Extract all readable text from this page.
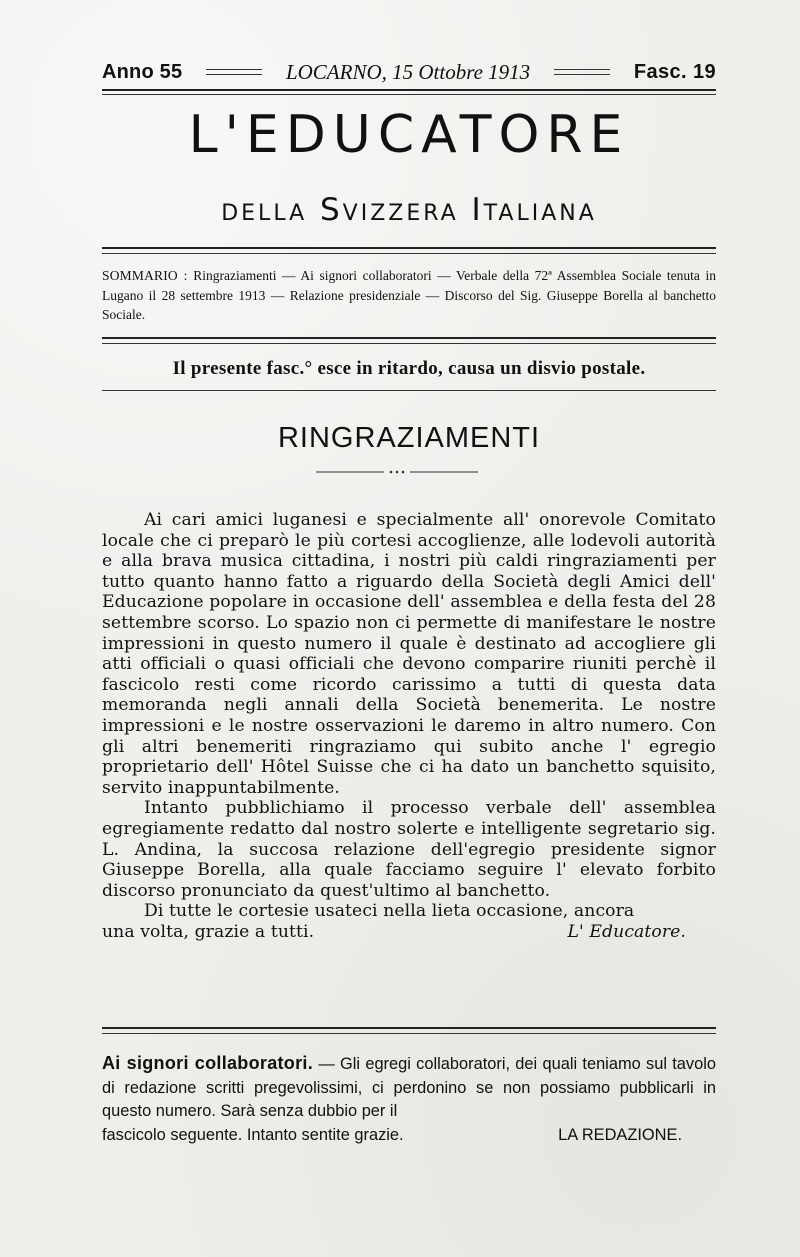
Anno 55	LOCARNO, 15 Ottobre 1913	Fasc. 19
L'EDUCATORE
della Svizzera Italiana
SOMMARIO : Ringraziamenti — Ai signori collaboratori — Verbale della 72ª Assemblea Sociale tenuta in Lugano il 28 settembre 1913 — Relazione presidenziale — Discorso del Sig. Giuseppe Borella al banchetto Sociale.
Il presente fasc.° esce in ritardo, causa un disvio postale.
RINGRAZIAMENTI

Ai cari amici luganesi e specialmente all' onorevole Comitato locale che ci preparò le più cortesi accoglienze, alle lodevoli autorità e alla brava musica cittadina, i nostri più caldi ringraziamenti per tutto quanto hanno fatto a riguardo della Società degli Amici dell' Educazione popolare in occasione dell' assemblea e della festa del 28 settembre scorso. Lo spazio non ci permette di manifestare le nostre impressioni in questo numero il quale è destinato ad accogliere gli atti officiali o quasi officiali che devono comparire riuniti perchè il fascicolo resti come ricordo carissimo a tutti di questa data memoranda negli annali della Società benemerita. Le nostre impressioni e le nostre osservazioni le daremo in altro numero. Con gli altri benemeriti ringraziamo qui subito anche l' egregio proprietario dell' Hôtel Suisse che ci ha dato un banchetto squisito, servito inappuntabilmente.

Intanto pubblichiamo il processo verbale dell' assemblea egregiamente redatto dal nostro solerte e intelligente segretario sig. L. Andina, la succosa relazione dell'egregio presidente signor Giuseppe Borella, alla quale facciamo seguire l' elevato forbito discorso pronunciato da quest'ultimo al banchetto.

Di tutte le cortesie usateci nella lieta occasione, ancora

una volta, grazie a tutti.	L' Educatore.
Ai signori collaboratori. — Gli egregi collaboratori, dei quali teniamo sul tavolo di redazione scritti pregevolissimi, ci perdonino se non possiamo pubblicarli in questo numero. Sarà senza dubbio per il
fascicolo seguente. Intanto sentite grazie.	LA REDAZIONE.
